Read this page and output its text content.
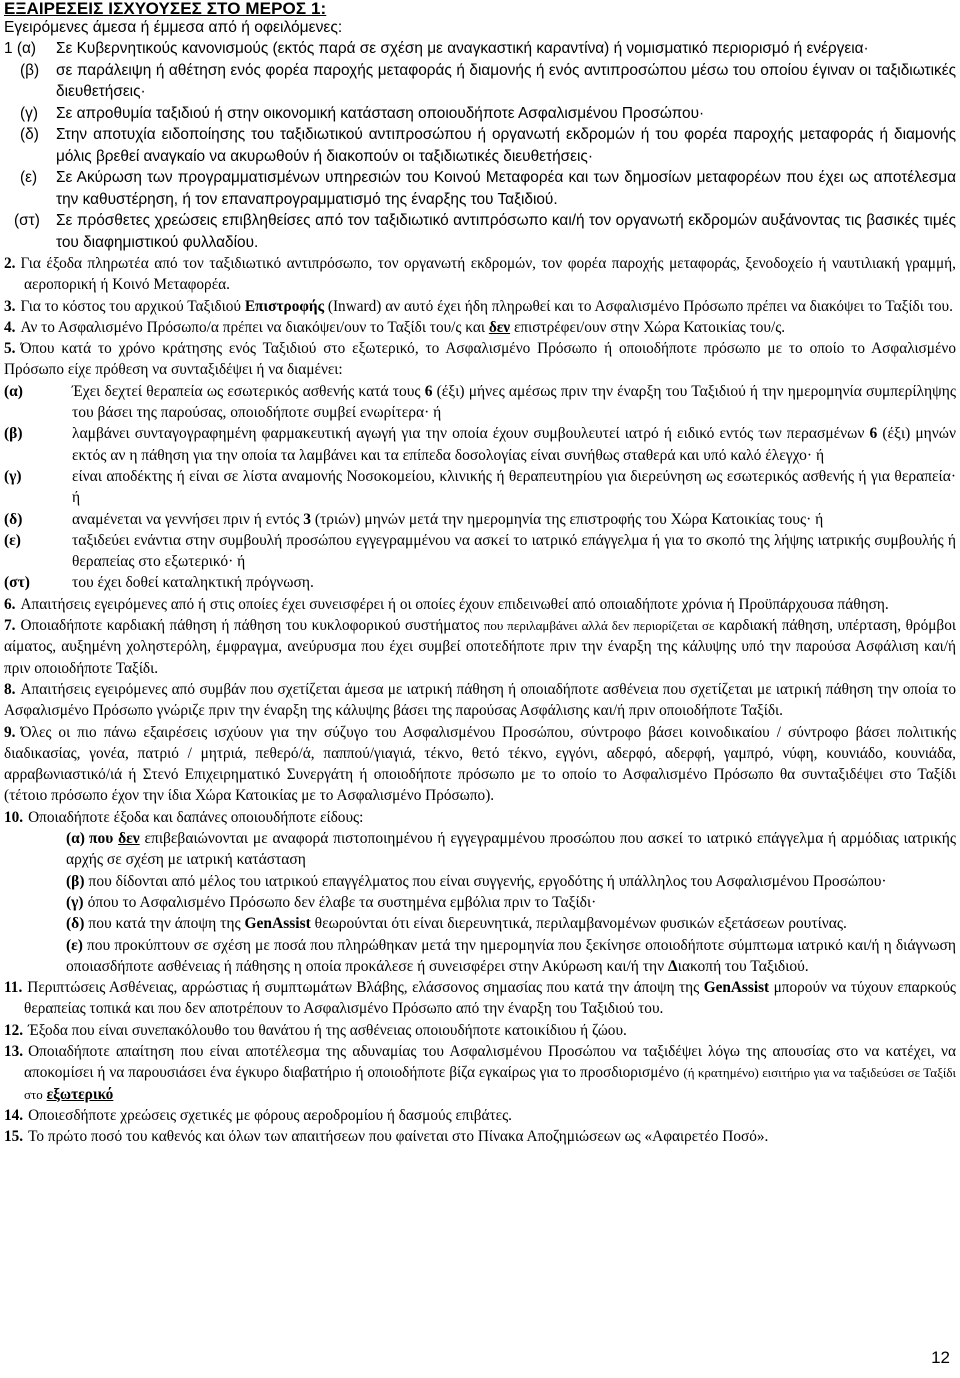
ΕΞΑΙΡΕΣΕΙΣ ΙΣΧΥΟΥΣΕΣ ΣΤΟ ΜΕΡΟΣ 1:

Εγειρόμενες άμεσα ή έμμεσα από ή οφειλόμενες:

1 (α)	Σε Κυβερνητικούς κανονισμούς (εκτός παρά σε σχέση με αναγκαστική καραντίνα) ή νομισματικό περιορισμό ή ενέργεια·
(β)	σε παράλειψη ή αθέτηση ενός φορέα παροχής μεταφοράς ή διαμονής ή ενός αντιπροσώπου μέσω του οποίου έγιναν οι ταξιδιωτικές διευθετήσεις·
(γ)	Σε απροθυμία ταξιδιού ή στην οικονομική κατάσταση οποιουδήποτε Ασφαλισμένου Προσώπου·
(δ)	Στην αποτυχία ειδοποίησης του ταξιδιωτικού αντιπροσώπου ή οργανωτή εκδρομών ή του φορέα παροχής μεταφοράς ή διαμονής μόλις βρεθεί αναγκαίο να ακυρωθούν ή διακοπούν οι ταξιδιωτικές διευθετήσεις·
(ε)	Σε Ακύρωση των προγραμματισμένων υπηρεσιών του Κοινού Μεταφορέα και των δημοσίων μεταφορέων που έχει ως αποτέλεσμα την καθυστέρηση, ή τον επαναπρογραμματισμό της έναρξης του Ταξιδιού.
(στ)	Σε πρόσθετες χρεώσεις επιβληθείσες από τον ταξιδιωτικό αντιπρόσωπο και/ή τον οργανωτή εκδρομών αυξάνοντας τις βασικές τιμές του διαφημιστικού φυλλαδίου.

2. Για έξοδα πληρωτέα από τον ταξιδιωτικό αντιπρόσωπο, τον οργανωτή εκδρομών, τον φορέα παροχής μεταφοράς, ξενοδοχείο ή ναυτιλιακή γραμμή, αεροπορική ή Κοινό Μεταφορέα.

3. Για το κόστος του αρχικού Ταξιδιού Επιστροφής (Inward) αν αυτό έχει ήδη πληρωθεί και το Ασφαλισμένο Πρόσωπο πρέπει να διακόψει το Ταξίδι του.

4. Αν το Ασφαλισμένο Πρόσωπο/α πρέπει να διακόψει/ουν το Ταξίδι του/ς και δεν επιστρέφει/ουν στην Χώρα Κατοικίας του/ς.

5. Όπου κατά το χρόνο κράτησης ενός Ταξιδιού στο εξωτερικό, το Ασφαλισμένο Πρόσωπο ή οποιοδήποτε πρόσωπο με το οποίο το Ασφαλισμένο Πρόσωπο είχε πρόθεση να συνταξιδέψει ή να διαμένει:

(α)	Έχει δεχτεί θεραπεία ως εσωτερικός ασθενής κατά τους 6 (έξι) μήνες αμέσως πριν την έναρξη του Ταξιδιού ή την ημερομηνία συμπερίληψης του βάσει της παρούσας, οποιοδήποτε συμβεί ενωρίτερα· ή
(β)	λαμβάνει συνταγογραφημένη φαρμακευτική αγωγή για την οποία έχουν συμβουλευτεί ιατρό ή ειδικό εντός των περασμένων 6 (έξι) μηνών εκτός αν η πάθηση για την οποία τα λαμβάνει και τα επίπεδα δοσολογίας είναι συνήθως σταθερά και υπό καλό έλεγχο· ή
(γ)	είναι αποδέκτης ή είναι σε λίστα αναμονής Νοσοκομείου, κλινικής ή θεραπευτηρίου για διερεύνηση ως εσωτερικός ασθενής ή για θεραπεία· ή
(δ)	αναμένεται να γεννήσει πριν ή εντός 3 (τριών) μηνών μετά την ημερομηνία της επιστροφής του Χώρα Κατοικίας τους· ή
(ε)	ταξιδεύει ενάντια στην συμβουλή προσώπου εγγεγραμμένου να ασκεί το ιατρικό επάγγελμα ή για το σκοπό της λήψης ιατρικής συμβουλής ή θεραπείας στο εξωτερικό· ή
(στ)	του έχει δοθεί καταληκτική πρόγνωση.

6. Απαιτήσεις εγειρόμενες από ή στις οποίες έχει συνεισφέρει ή οι οποίες έχουν επιδεινωθεί από οποιαδήποτε χρόνια ή Προϋπάρχουσα πάθηση.

7. Οποιαδήποτε καρδιακή πάθηση ή πάθηση του κυκλοφορικού συστήματος που περιλαμβάνει αλλά δεν περιορίζεται σε καρδιακή πάθηση, υπέρταση, θρόμβοι αίματος, αυξημένη χοληστερόλη, έμφραγμα, ανεύρυσμα που έχει συμβεί οποτεδήποτε πριν την έναρξη της κάλυψης υπό την παρούσα Ασφάλιση και/ή πριν οποιοδήποτε Ταξίδι.

8. Απαιτήσεις εγειρόμενες από συμβάν που σχετίζεται άμεσα με ιατρική πάθηση ή οποιαδήποτε ασθένεια που σχετίζεται με ιατρική πάθηση την οποία το Ασφαλισμένο Πρόσωπο γνώριζε πριν την έναρξη της κάλυψης βάσει της παρούσας Ασφάλισης και/ή πριν οποιοδήποτε Ταξίδι.

9. Όλες οι πιο πάνω εξαιρέσεις ισχύουν για την σύζυγο του Ασφαλισμένου Προσώπου, σύντροφο βάσει κοινοδικαίου / σύντροφο βάσει πολιτικής διαδικασίας, γονέα, πατριό / μητριά, πεθερό/ά, παππού/γιαγιά, τέκνο, θετό τέκνο, εγγόνι, αδερφό, αδερφή, γαμπρό, νύφη, κουνιάδο, κουνιάδα, αρραβωνιαστικό/ιά ή Στενό Επιχειρηματικό Συνεργάτη ή οποιοδήποτε πρόσωπο με το οποίο το Ασφαλισμένο Πρόσωπο θα συνταξιδέψει στο Ταξίδι (τέτοιο πρόσωπο έχον την ίδια Χώρα Κατοικίας με το Ασφαλισμένο Πρόσωπο).

10. Οποιαδήποτε έξοδα και δαπάνες οποιουδήποτε είδους:

(α) που δεν επιβεβαιώνονται με αναφορά πιστοποιημένου ή εγγεγραμμένου προσώπου που ασκεί το ιατρικό επάγγελμα ή αρμόδιας ιατρικής αρχής σε σχέση με ιατρική κατάσταση

(β) που δίδονται από μέλος του ιατρικού επαγγέλματος που είναι συγγενής, εργοδότης ή υπάλληλος του Ασφαλισμένου Προσώπου·

(γ) όπου το Ασφαλισμένο Πρόσωπο δεν έλαβε τα συστημένα εμβόλια πριν το Ταξίδι·

(δ) που κατά την άποψη της GenAssist θεωρούνται ότι είναι διερευνητικά, περιλαμβανομένων φυσικών εξετάσεων ρουτίνας.

(ε) που προκύπτουν σε σχέση με ποσά που πληρώθηκαν μετά την ημερομηνία που ξεκίνησε οποιοδήποτε σύμπτωμα ιατρικό και/ή η διάγνωση οποιασδήποτε ασθένειας ή πάθησης η οποία προκάλεσε ή συνεισφέρει στην Ακύρωση και/ή την Διακοπή του Ταξιδιού.

11. Περιπτώσεις Ασθένειας, αρρώστιας ή συμπτωμάτων Βλάβης, ελάσσονος σημασίας που κατά την άποψη της GenAssist μπορούν να τύχουν επαρκούς θεραπείας τοπικά και που δεν αποτρέπουν το Ασφαλισμένο Πρόσωπο από την έναρξη του Ταξιδιού του.

12. Έξοδα που είναι συνεπακόλουθο του θανάτου ή της ασθένειας οποιουδήποτε κατοικίδιου ή ζώου.

13. Οποιαδήποτε απαίτηση που είναι αποτέλεσμα της αδυναμίας του Ασφαλισμένου Προσώπου να ταξιδέψει λόγω της απουσίας στο να κατέχει, να αποκομίσει ή να παρουσιάσει ένα έγκυρο διαβατήριο ή οποιοδήποτε βίζα εγκαίρως για το προσδιορισμένο (ή κρατημένο) εισιτήριο για να ταξιδεύσει σε Ταξίδι στο εξωτερικό

14. Οποιεσδήποτε χρεώσεις σχετικές με φόρους αεροδρομίου ή δασμούς επιβάτες.

15. Το πρώτο ποσό του καθενός και όλων των απαιτήσεων που φαίνεται στο Πίνακα Αποζημιώσεων ως «Αφαιρετέο Ποσό».

12
